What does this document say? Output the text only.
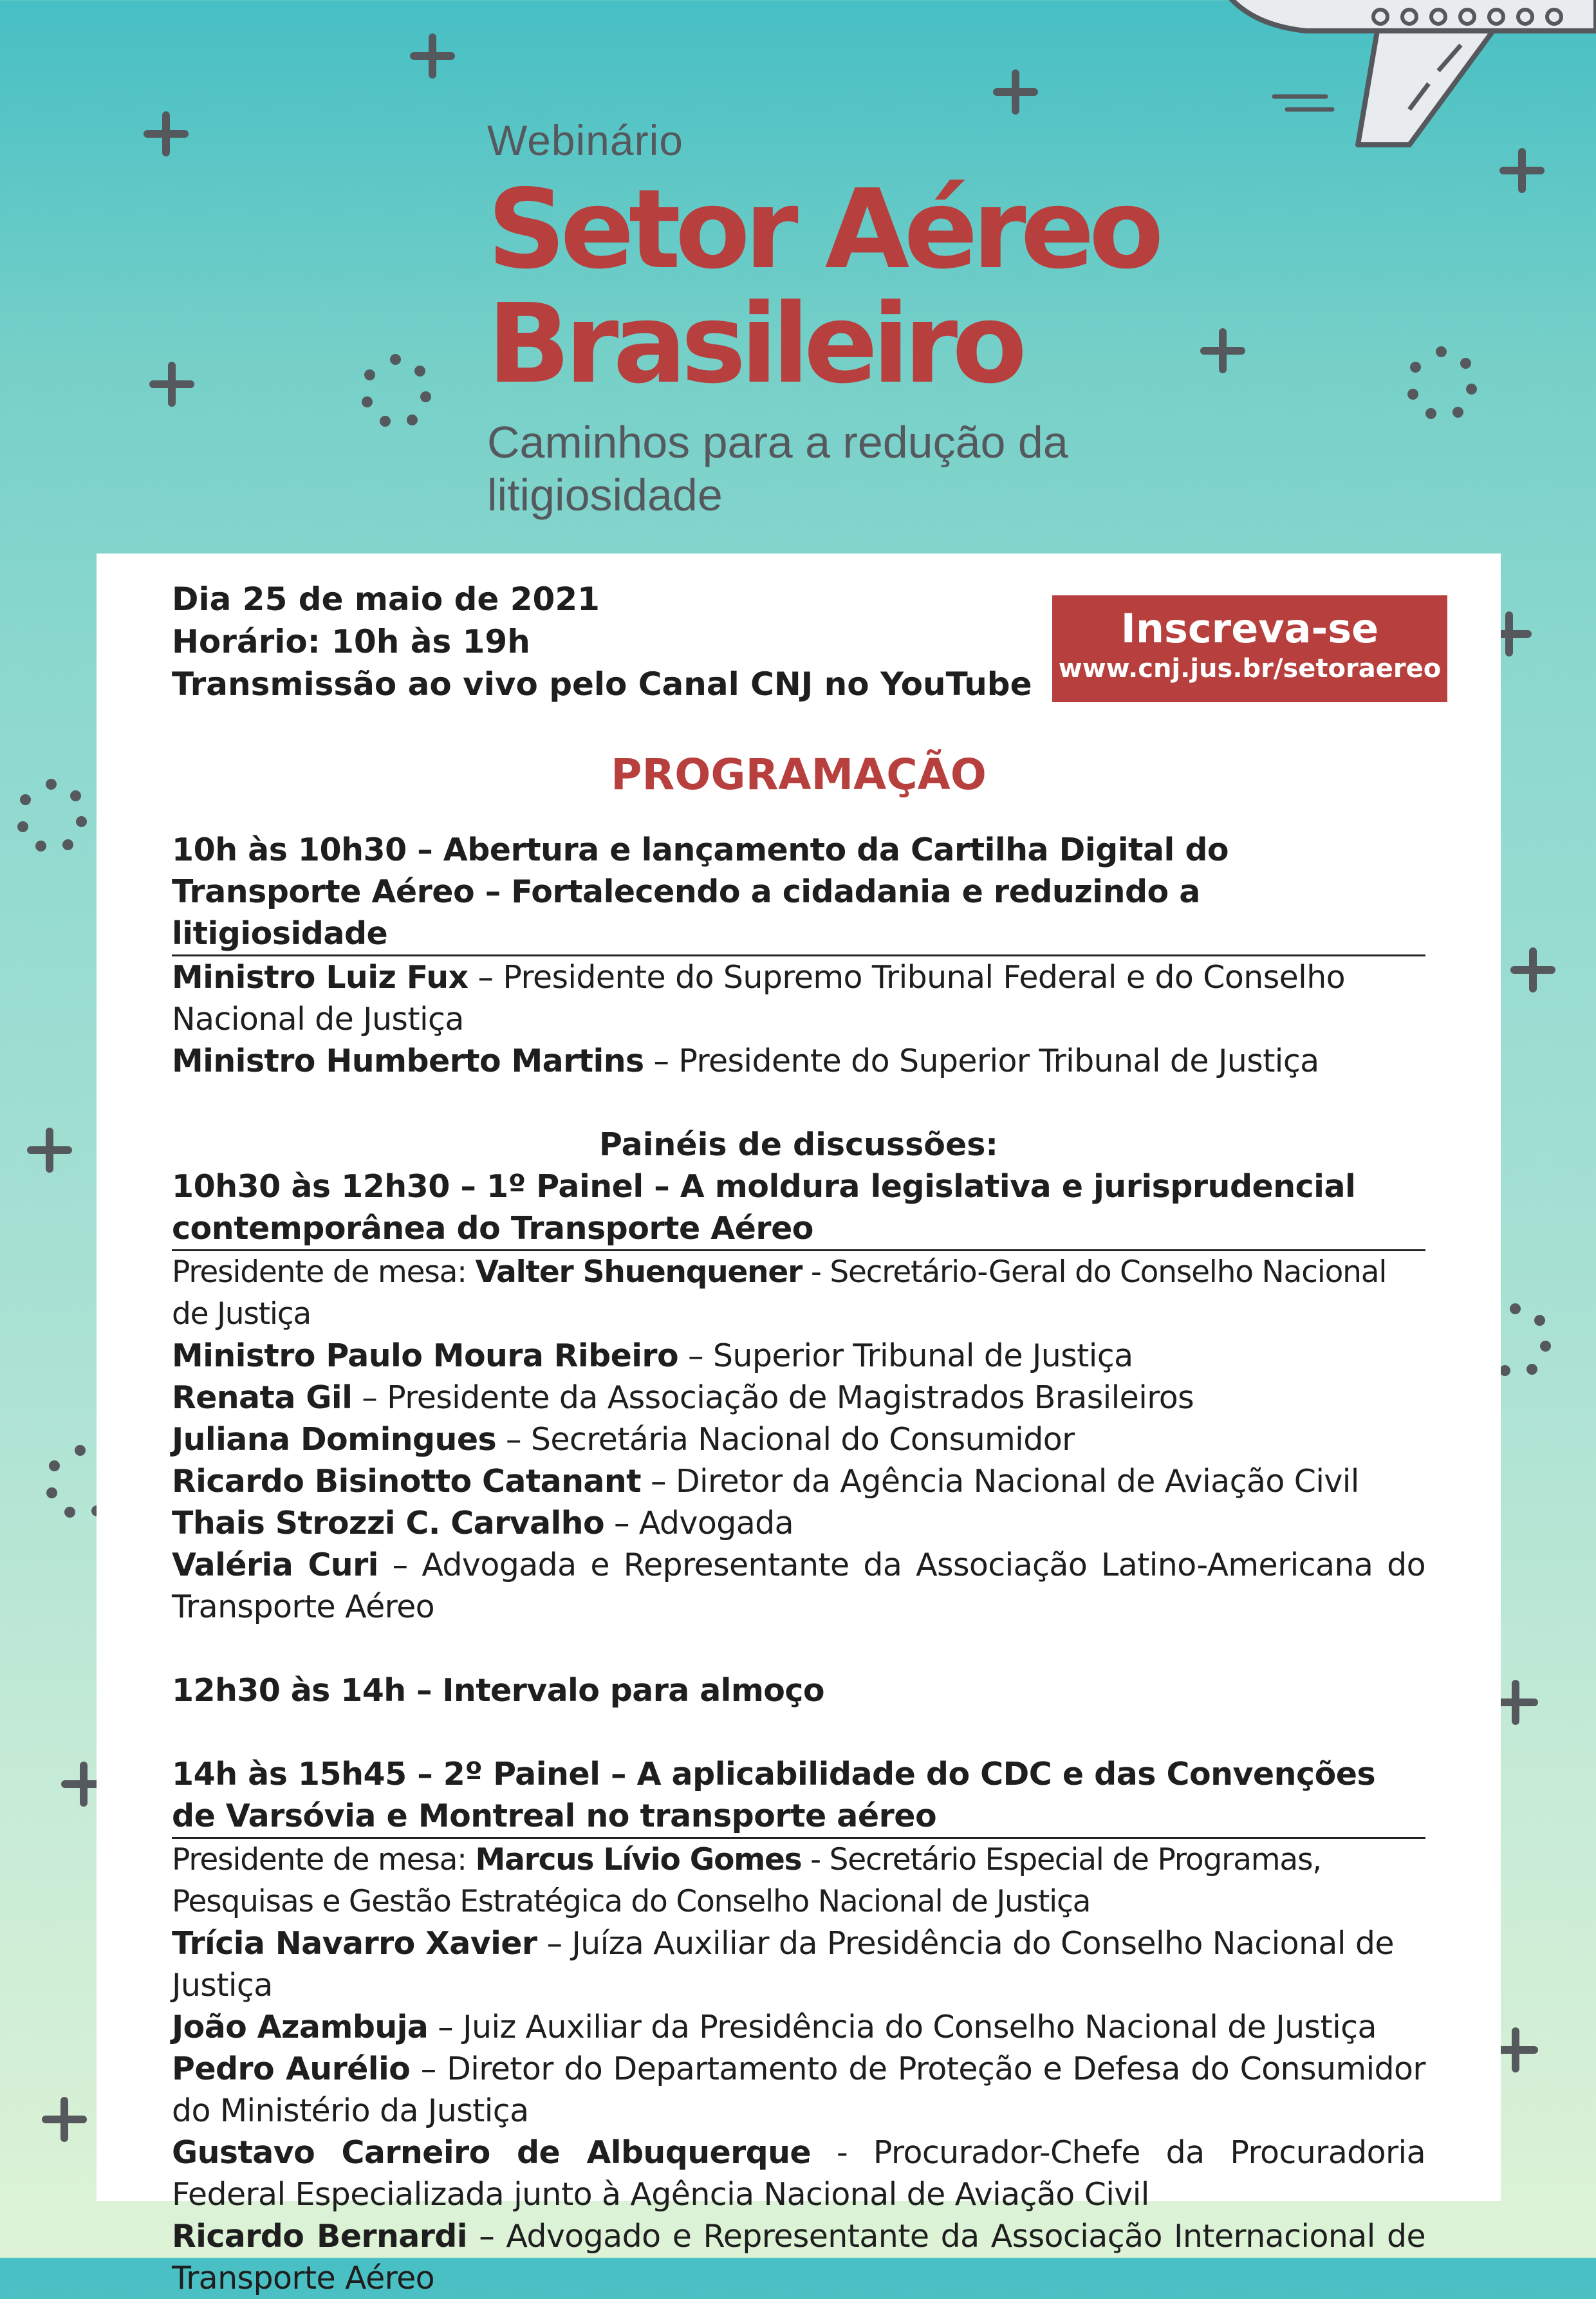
Webinário
Setor Aéreo
Brasileiro
Caminhos para a redução da litigiosidade
Inscreva-se
www.cnj.jus.br/setoraereo
Dia 25 de maio de 2021
Horário: 10h às 19h
Transmissão ao vivo pelo Canal CNJ no YouTube
PROGRAMAÇÃO
10h às 10h30 – Abertura e lançamento da Cartilha Digital do Transporte Aéreo – Fortalecendo a cidadania e reduzindo a litigiosidade
Ministro Luiz Fux – Presidente do Supremo Tribunal Federal e do Conselho Nacional de Justiça
Ministro Humberto Martins – Presidente do Superior Tribunal de Justiça
Painéis de discussões:
10h30 às 12h30 – 1º Painel – A moldura legislativa e jurisprudencial contemporânea do Transporte Aéreo
Presidente de mesa: Valter Shuenquener - Secretário-Geral do Conselho Nacional de Justiça
Ministro Paulo Moura Ribeiro – Superior Tribunal de Justiça
Renata Gil – Presidente da Associação de Magistrados Brasileiros
Juliana Domingues – Secretária Nacional do Consumidor
Ricardo Bisinotto Catanant – Diretor da Agência Nacional de Aviação Civil
Thais Strozzi C. Carvalho – Advogada
Valéria Curi – Advogada e Representante da Associação Latino-Americana do Transporte Aéreo
12h30 às 14h – Intervalo para almoço
14h às 15h45 – 2º Painel – A aplicabilidade do CDC e das Convenções de Varsóvia e Montreal no transporte aéreo
Presidente de mesa: Marcus Lívio Gomes - Secretário Especial de Programas, Pesquisas e Gestão Estratégica do Conselho Nacional de Justiça
Trícia Navarro Xavier – Juíza Auxiliar da Presidência do Conselho Nacional de Justiça
João Azambuja – Juiz Auxiliar da Presidência do Conselho Nacional de Justiça
Pedro Aurélio – Diretor do Departamento de Proteção e Defesa do Consumidor do Ministério da Justiça
Gustavo Carneiro de Albuquerque - Procurador-Chefe da Procuradoria Federal Especializada junto à Agência Nacional de Aviação Civil
Ricardo Bernardi – Advogado e Representante da Associação Internacional de Transporte Aéreo
